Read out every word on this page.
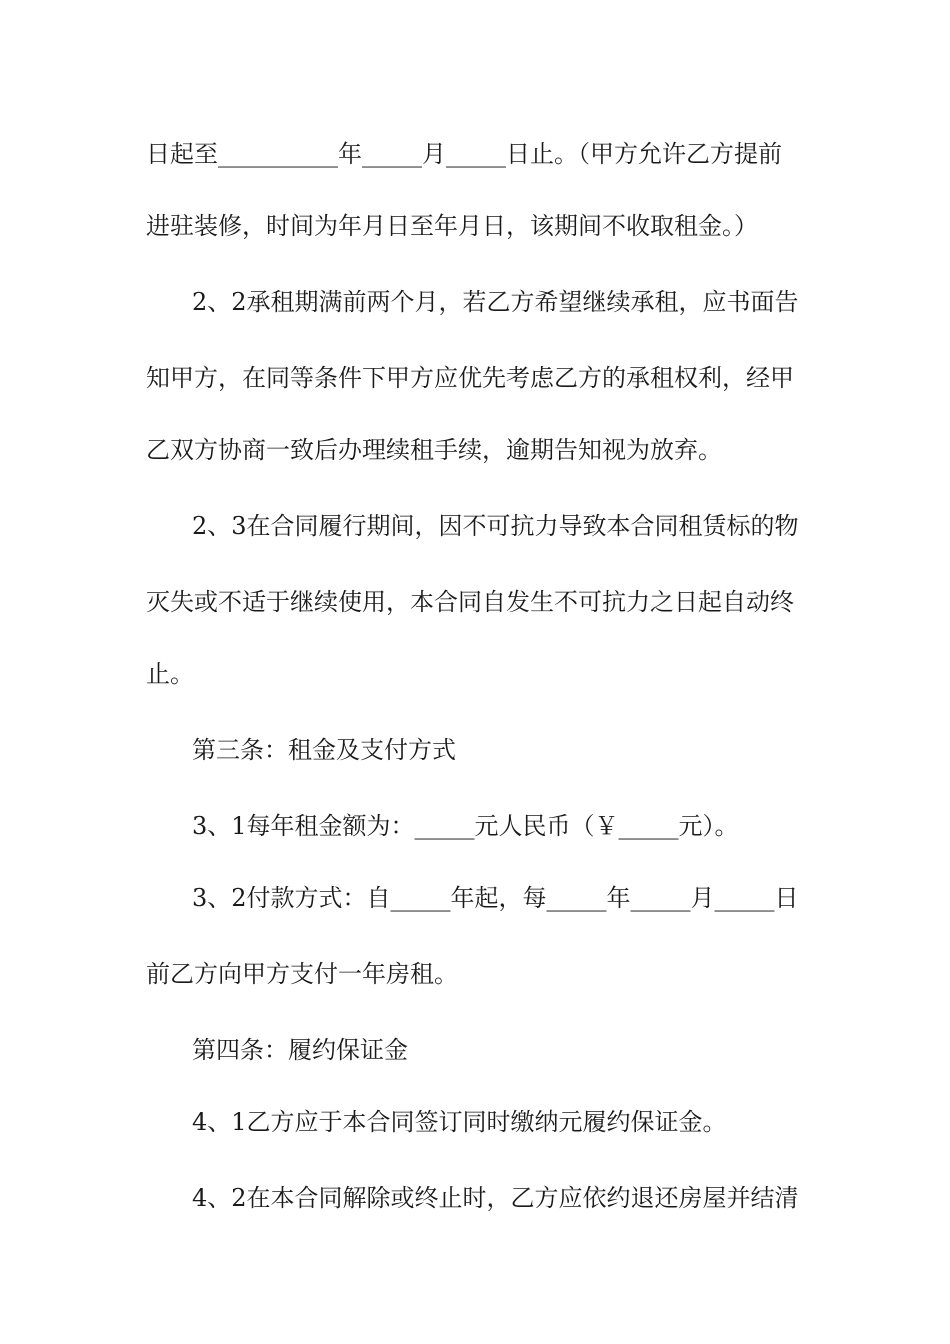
日起至__________年_____月_____日止。（甲方允许乙方提前
进驻装修，时间为年月日至年月日，该期间不收取租金。）
2、2承租期满前两个月，若乙方希望继续承租，应书面告
知甲方，在同等条件下甲方应优先考虑乙方的承租权利，经甲
乙双方协商一致后办理续租手续，逾期告知视为放弃。
2、3在合同履行期间，因不可抗力导致本合同租赁标的物
灭失或不适于继续使用，本合同自发生不可抗力之日起自动终
止。
第三条：租金及支付方式
3、1每年租金额为：_____元人民币（￥_____元）。
3、2付款方式：自_____年起，每_____年_____月_____日
前乙方向甲方支付一年房租。
第四条：履约保证金
4、1乙方应于本合同签订同时缴纳元履约保证金。
4、2在本合同解除或终止时，乙方应依约退还房屋并结清
